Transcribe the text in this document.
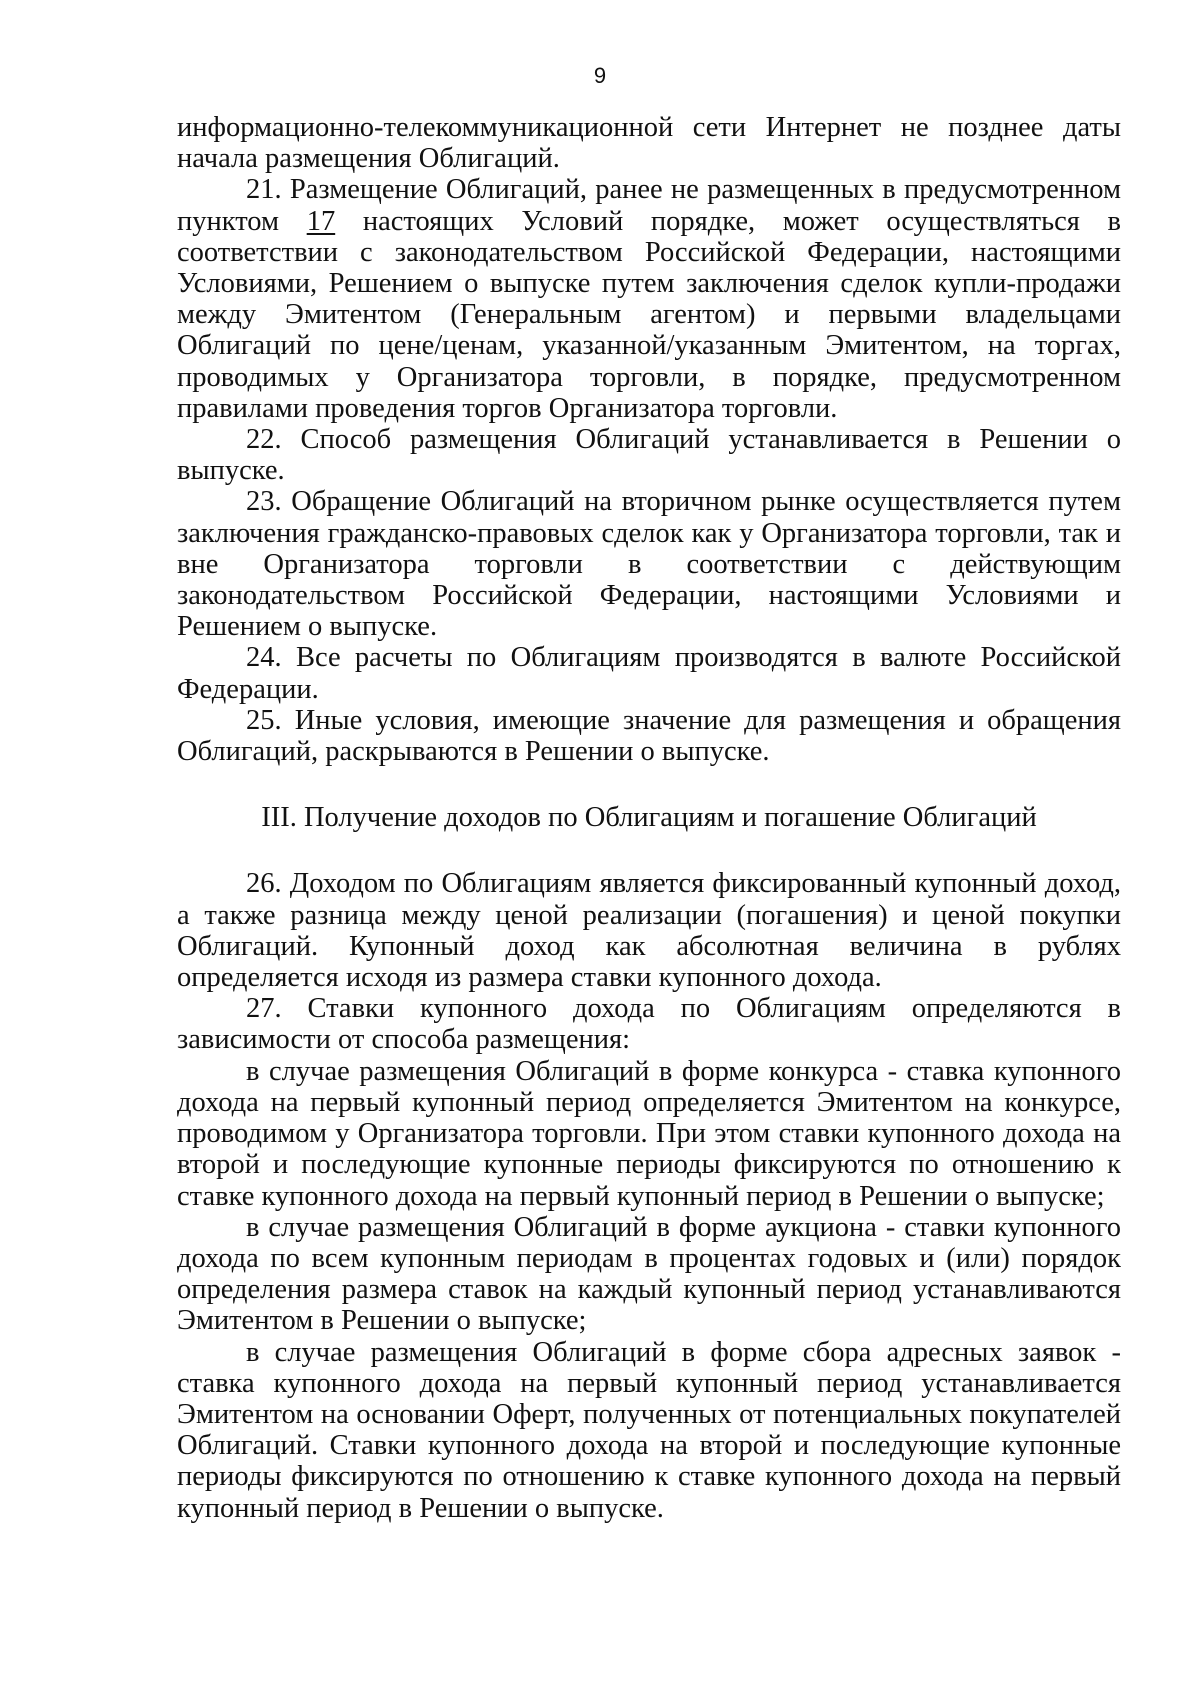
9

информационно-телекоммуникационной сети Интернет не позднее даты начала размещения Облигаций.

21. Размещение Облигаций, ранее не размещенных в предусмотренном пунктом 17 настоящих Условий порядке, может осуществляться в соответствии с законодательством Российской Федерации, настоящими Условиями, Решением о выпуске путем заключения сделок купли-продажи между Эмитентом (Генеральным агентом) и первыми владельцами Облигаций по цене/ценам, указанной/указанным Эмитентом, на торгах, проводимых у Организатора торговли, в порядке, предусмотренном правилами проведения торгов Организатора торговли.

22. Способ размещения Облигаций устанавливается в Решении о выпуске.

23. Обращение Облигаций на вторичном рынке осуществляется путем заключения гражданско-правовых сделок как у Организатора торговли, так и вне Организатора торговли в соответствии с действующим законодательством Российской Федерации, настоящими Условиями и Решением о выпуске.

24. Все расчеты по Облигациям производятся в валюте Российской Федерации.

25. Иные условия, имеющие значение для размещения и обращения Облигаций, раскрываются в Решении о выпуске.

III. Получение доходов по Облигациям и погашение Облигаций

26. Доходом по Облигациям является фиксированный купонный доход, а также разница между ценой реализации (погашения) и ценой покупки Облигаций. Купонный доход как абсолютная величина в рублях определяется исходя из размера ставки купонного дохода.

27. Ставки купонного дохода по Облигациям определяются в зависимости от способа размещения:

в случае размещения Облигаций в форме конкурса - ставка купонного дохода на первый купонный период определяется Эмитентом на конкурсе, проводимом у Организатора торговли. При этом ставки купонного дохода на второй и последующие купонные периоды фиксируются по отношению к ставке купонного дохода на первый купонный период в Решении о выпуске;

в случае размещения Облигаций в форме аукциона - ставки купонного дохода по всем купонным периодам в процентах годовых и (или) порядок определения размера ставок на каждый купонный период устанавливаются Эмитентом в Решении о выпуске;

в случае размещения Облигаций в форме сбора адресных заявок - ставка купонного дохода на первый купонный период устанавливается Эмитентом на основании Оферт, полученных от потенциальных покупателей Облигаций. Ставки купонного дохода на второй и последующие купонные периоды фиксируются по отношению к ставке купонного дохода на первый купонный период в Решении о выпуске.
